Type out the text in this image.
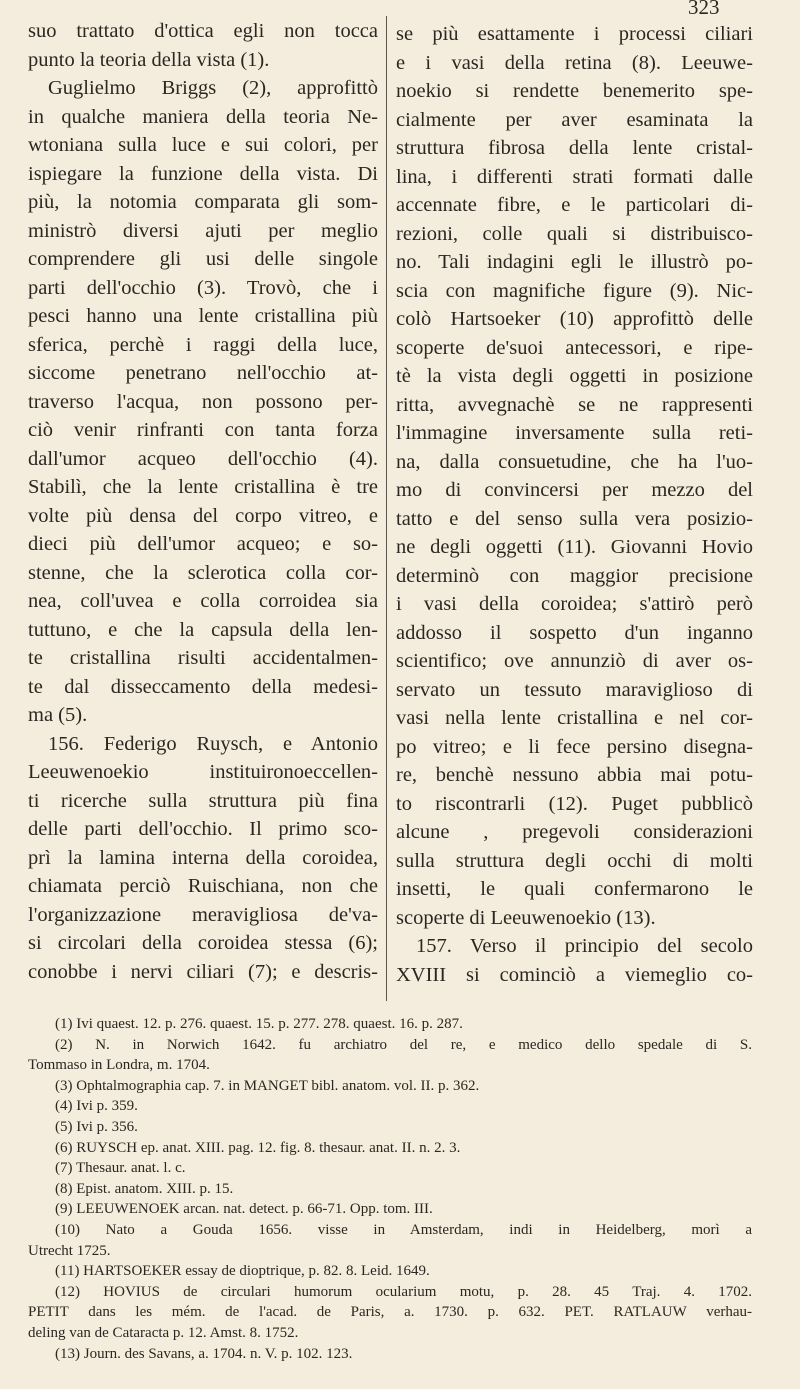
323
suo trattato d'ottica egli non tocca
punto la teoria della vista (1).
Guglielmo Briggs (2), approfittò
in qualche maniera della teoria Ne-
wtoniana sulla luce e sui colori, per
ispiegare la funzione della vista. Di
più, la notomia comparata gli som-
ministrò diversi ajuti per meglio
comprendere gli usi delle singole
parti dell'occhio (3). Trovò, che i
pesci hanno una lente cristallina più
sferica, perchè i raggi della luce,
siccome penetrano nell'occhio at-
traverso l'acqua, non possono per-
ciò venir rinfranti con tanta forza
dall'umor acqueo dell'occhio (4).
Stabilì, che la lente cristallina è tre
volte più densa del corpo vitreo, e
dieci più dell'umor acqueo; e so-
stenne, che la sclerotica colla cor-
nea, coll'uvea e colla corroidea sia
tuttuno, e che la capsula della len-
te cristallina risulti accidentalmen-
te dal disseccamento della medesi-
ma (5).
156. Federigo Ruysch, e Antonio
Leeuwenoekio instituironoeccellen-
ti ricerche sulla struttura più fina
delle parti dell'occhio. Il primo sco-
prì la lamina interna della coroidea,
chiamata perciò Ruischiana, non che
l'organizzazione meravigliosa de'va-
si circolari della coroidea stessa (6);
conobbe i nervi ciliari (7); e descris-
se più esattamente i processi ciliari
e i vasi della retina (8). Leeuwe-
noekio si rendette benemerito spe-
cialmente per aver esaminata la
struttura fibrosa della lente cristal-
lina, i differenti strati formati dalle
accennate fibre, e le particolari di-
rezioni, colle quali si distribuisco-
no. Tali indagini egli le illustrò po-
scia con magnifiche figure (9). Nic-
colò Hartsoeker (10) approfittò delle
scoperte de'suoi antecessori, e ripe-
tè la vista degli oggetti in posizione
ritta, avvegnachè se ne rappresenti
l'immagine inversamente sulla reti-
na, dalla consuetudine, che ha l'uo-
mo di convincersi per mezzo del
tatto e del senso sulla vera posizio-
ne degli oggetti (11). Giovanni Hovio
determinò con maggior precisione
i vasi della coroidea; s'attirò però
addosso il sospetto d'un inganno
scientifico; ove annunziò di aver os-
servato un tessuto maraviglioso di
vasi nella lente cristallina e nel cor-
po vitreo; e li fece persino disegna-
re, benchè nessuno abbia mai potu-
to riscontrarli (12). Puget pubblicò
alcune , pregevoli considerazioni
sulla struttura degli occhi di molti
insetti, le quali confermarono le
scoperte di Leeuwenoekio (13).
157. Verso il principio del secolo
XVIII si cominciò a viemeglio co-
(1) Ivi quaest. 12. p. 276. quaest. 15. p. 277. 278. quaest. 16. p. 287.
(2) N. in Norwich 1642. fu archiatro del re, e medico dello spedale di S.
Tommaso in Londra, m. 1704.
(3) Ophtalmographia cap. 7. in MANGET bibl. anatom. vol. II. p. 362.
(4) Ivi p. 359.
(5) Ivi p. 356.
(6) RUYSCH ep. anat. XIII. pag. 12. fig. 8. thesaur. anat. II. n. 2. 3.
(7) Thesaur. anat. l. c.
(8) Epist. anatom. XIII. p. 15.
(9) LEEUWENOEK arcan. nat. detect. p. 66-71. Opp. tom. III.
(10) Nato a Gouda 1656. visse in Amsterdam, indi in Heidelberg, morì a
Utrecht 1725.
(11) HARTSOEKER essay de dioptrique, p. 82. 8. Leid. 1649.
(12) HOVIUS de circulari humorum ocularium motu, p. 28. 45 Traj. 4. 1702.
PETIT dans les mém. de l'acad. de Paris, a. 1730. p. 632. PET. RATLAUW verhau-
deling van de Cataracta p. 12. Amst. 8. 1752.
(13) Journ. des Savans, a. 1704. n. V. p. 102. 123.
